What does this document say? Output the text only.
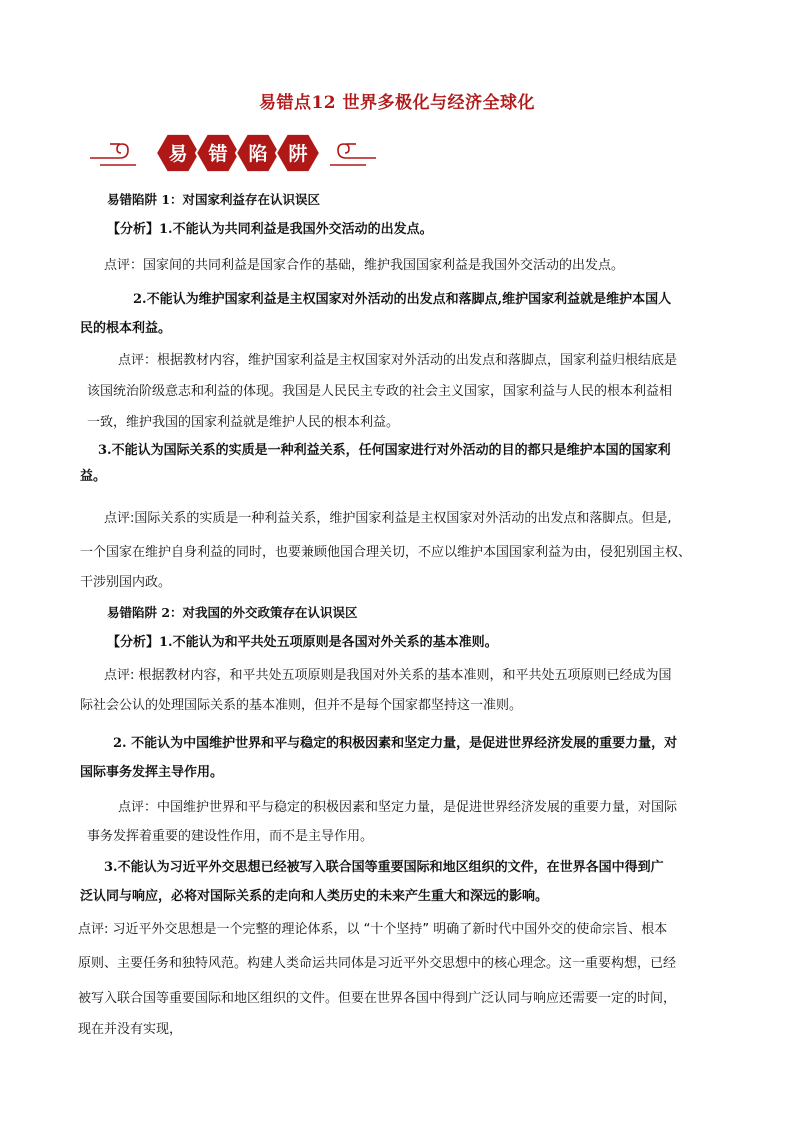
易错点12 世界多极化与经济全球化
易 错 陷 阱
易错陷阱 1：对国家利益存在认识误区
【分析】1.不能认为共同利益是我国外交活动的出发点。
点评：国家间的共同利益是国家合作的基础，维护我国国家利益是我国外交活动的出发点。
2.不能认为维护国家利益是主权国家对外活动的出发点和落脚点,维护国家利益就是维护本国人
民的根本利益。
点评：根据教材内容，维护国家利益是主权国家对外活动的出发点和落脚点，国家利益归根结底是
该国统治阶级意志和利益的体现。我国是人民民主专政的社会主义国家，国家利益与人民的根本利益相
一致，维护我国的国家利益就是维护人民的根本利益。
3.不能认为国际关系的实质是一种利益关系，任何国家进行对外活动的目的都只是维护本国的国家利
益。
点评:国际关系的实质是一种利益关系，维护国家利益是主权国家对外活动的出发点和落脚点。但是,
一个国家在维护自身利益的同时，也要兼顾他国合理关切，不应以维护本国国家利益为由，侵犯别国主权、
干涉别国内政。
易错陷阱 2：对我国的外交政策存在认识误区
【分析】1.不能认为和平共处五项原则是各国对外关系的基本准则。
点评: 根据教材内容，和平共处五项原则是我国对外关系的基本准则，和平共处五项原则已经成为国
际社会公认的处理国际关系的基本准则，但并不是每个国家都坚持这一准则。
2. 不能认为中国维护世界和平与稳定的积极因素和坚定力量，是促进世界经济发展的重要力量，对
国际事务发挥主导作用。
点评：中国维护世界和平与稳定的积极因素和坚定力量，是促进世界经济发展的重要力量，对国际
事务发挥着重要的建设性作用，而不是主导作用。
3.不能认为习近平外交思想已经被写入联合国等重要国际和地区组织的文件，在世界各国中得到广
泛认同与响应，必将对国际关系的走向和人类历史的未来产生重大和深远的影响。
点评: 习近平外交思想是一个完整的理论体系，以 “十个坚持” 明确了新时代中国外交的使命宗旨、根本
原则、主要任务和独特风范。构建人类命运共同体是习近平外交思想中的核心理念。这一重要构想，已经
被写入联合国等重要国际和地区组织的文件。但要在世界各国中得到广泛认同与响应还需要一定的时间，
现在并没有实现，
